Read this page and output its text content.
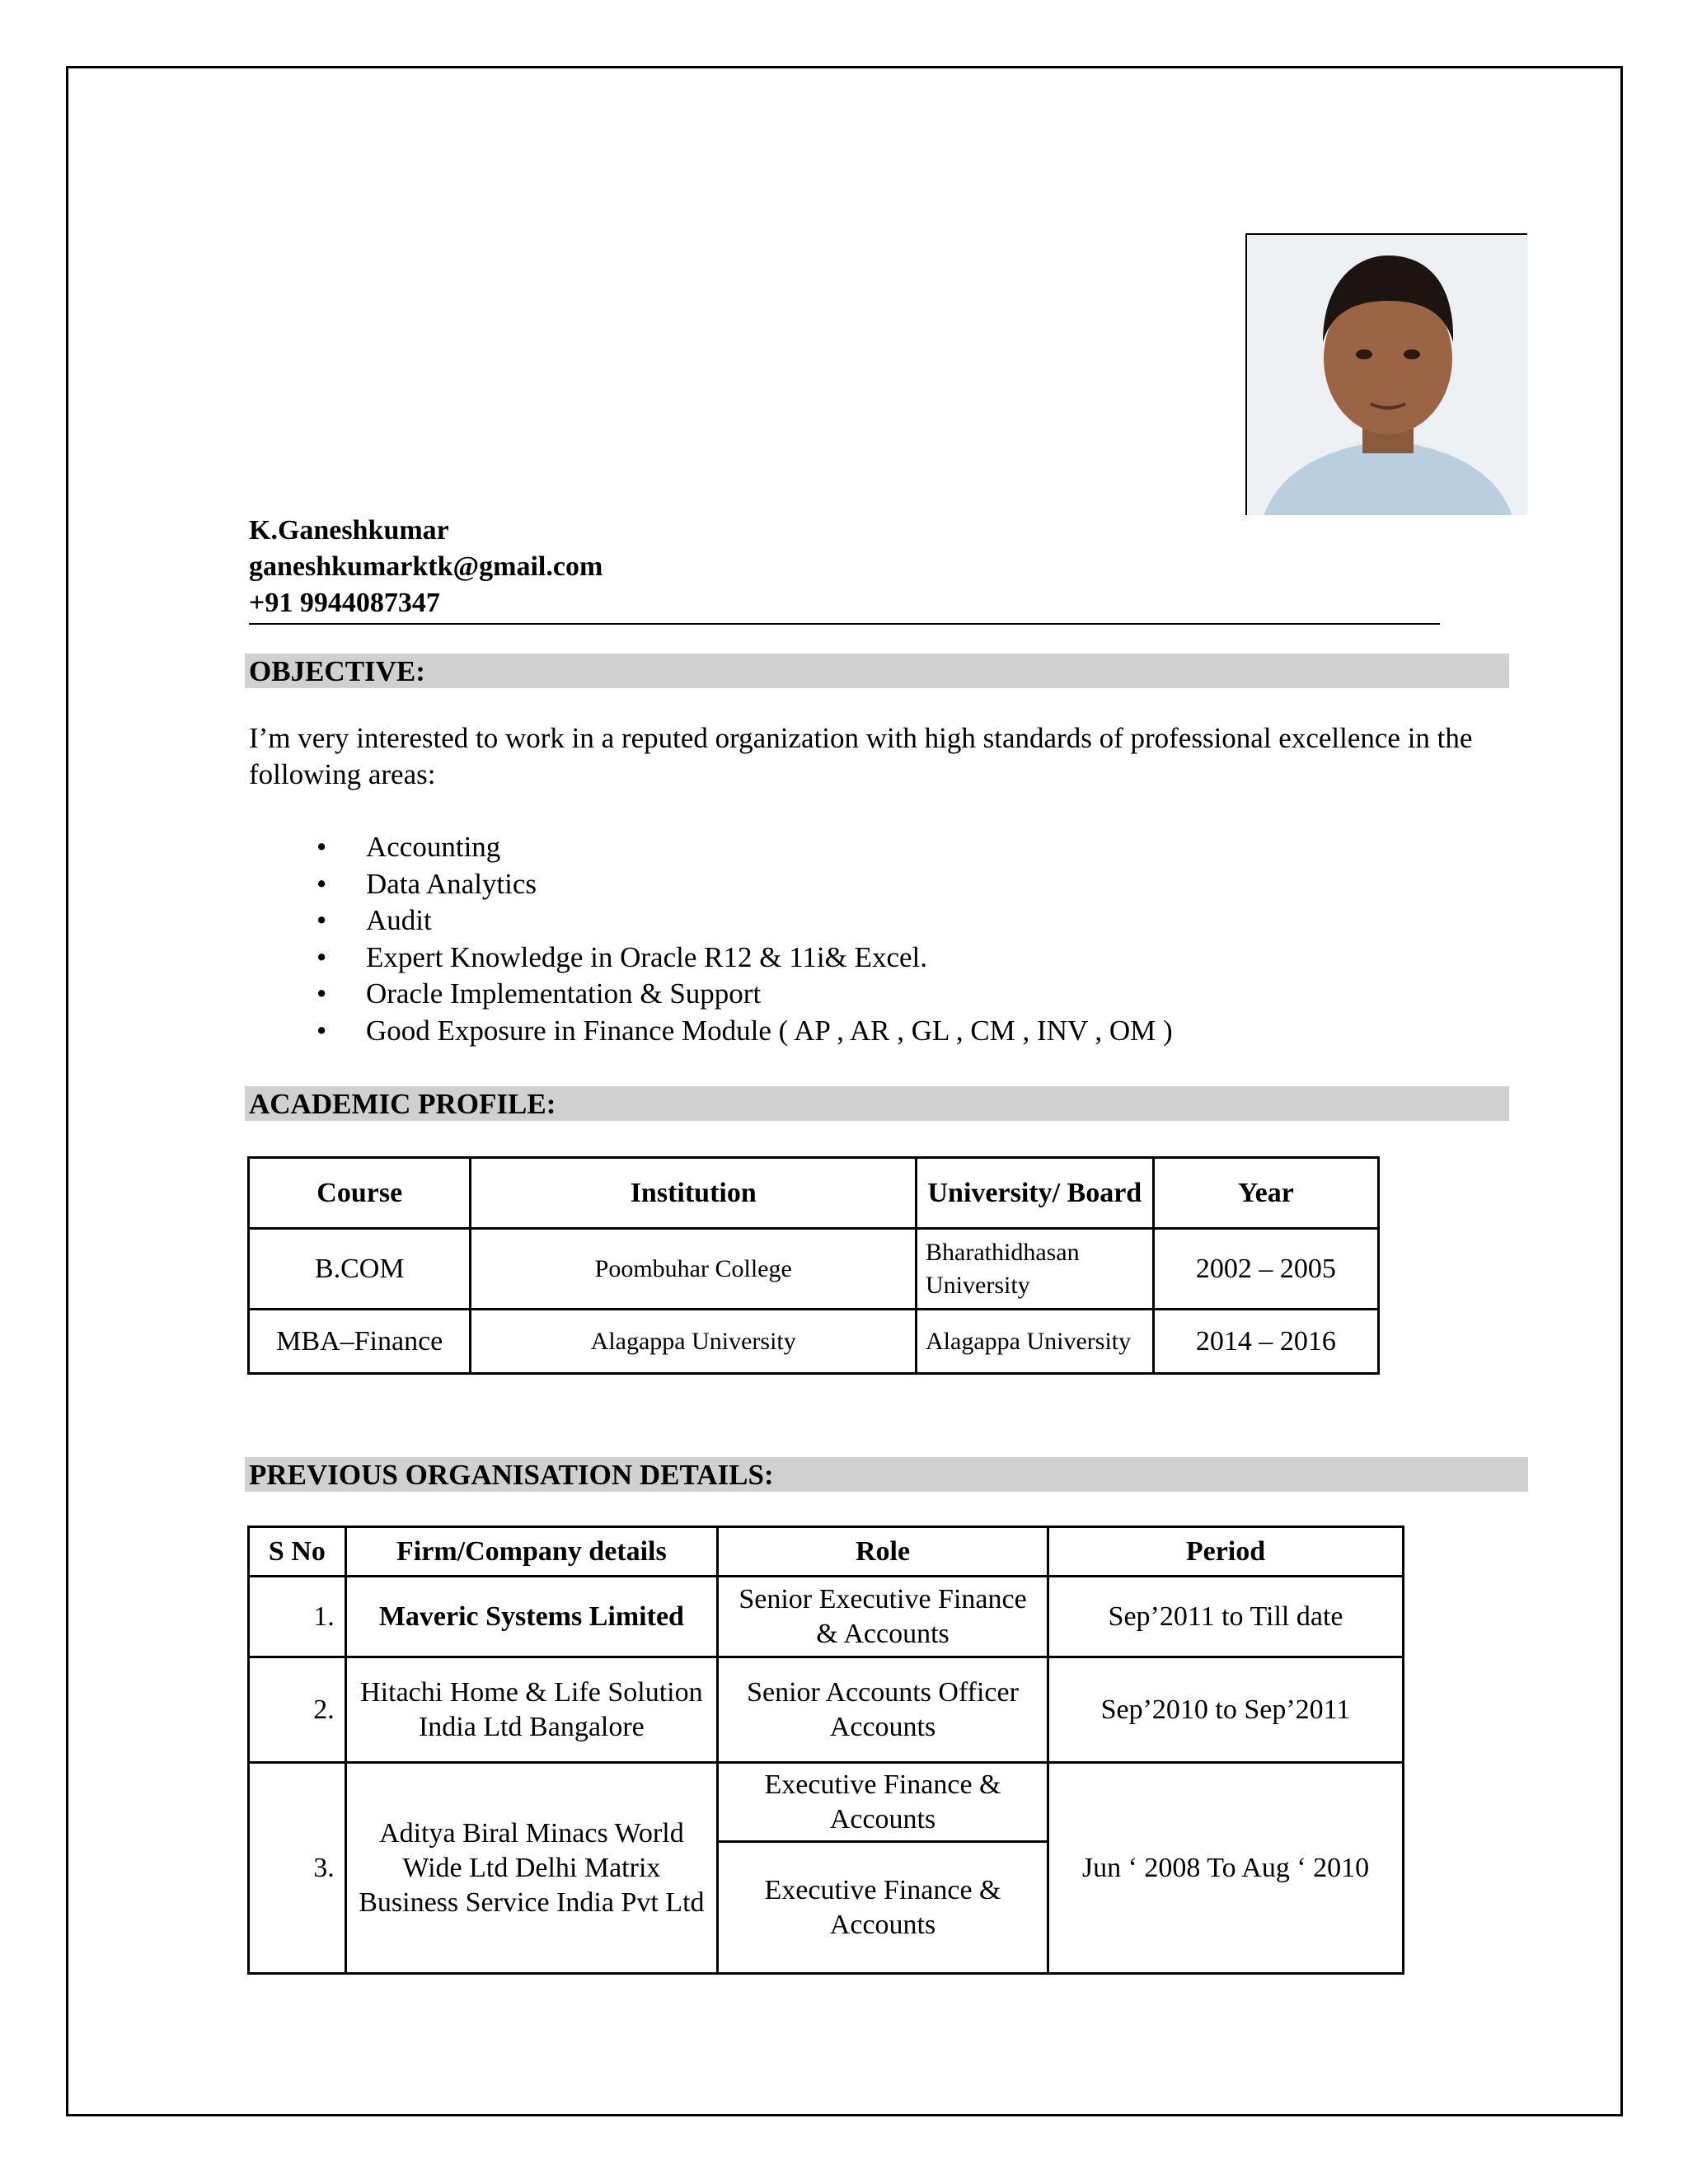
K.Ganeshkumar
ganeshkumarktk@gmail.com
+91 9944087347
OBJECTIVE:
I’m very interested to work in a reputed organization with high standards of professional excellence in the following areas:
• Accounting
• Data Analytics
• Audit
• Expert Knowledge in Oracle R12 & 11i& Excel.
• Oracle Implementation & Support
• Good Exposure in Finance Module ( AP , AR , GL , CM , INV , OM )
ACADEMIC PROFILE:
Course	Institution	University/ Board	Year
B.COM	Poombuhar College	Bharathidhasan University	2002 – 2005
MBA–Finance	Alagappa University	Alagappa University	2014 – 2016
PREVIOUS ORGANISATION DETAILS:
S No	Firm/Company details	Role	Period
1.	Maveric Systems Limited	Senior Executive Finance & Accounts	Sep’2011 to Till date
2.	Hitachi Home & Life Solution India Ltd Bangalore	Senior Accounts Officer Accounts	Sep’2010 to Sep’2011
3.	Aditya Biral Minacs World Wide Ltd Delhi Matrix Business Service India Pvt Ltd	Executive Finance & Accounts	Jun ‘ 2008 To Aug ‘ 2010
		Executive Finance & Accounts	
